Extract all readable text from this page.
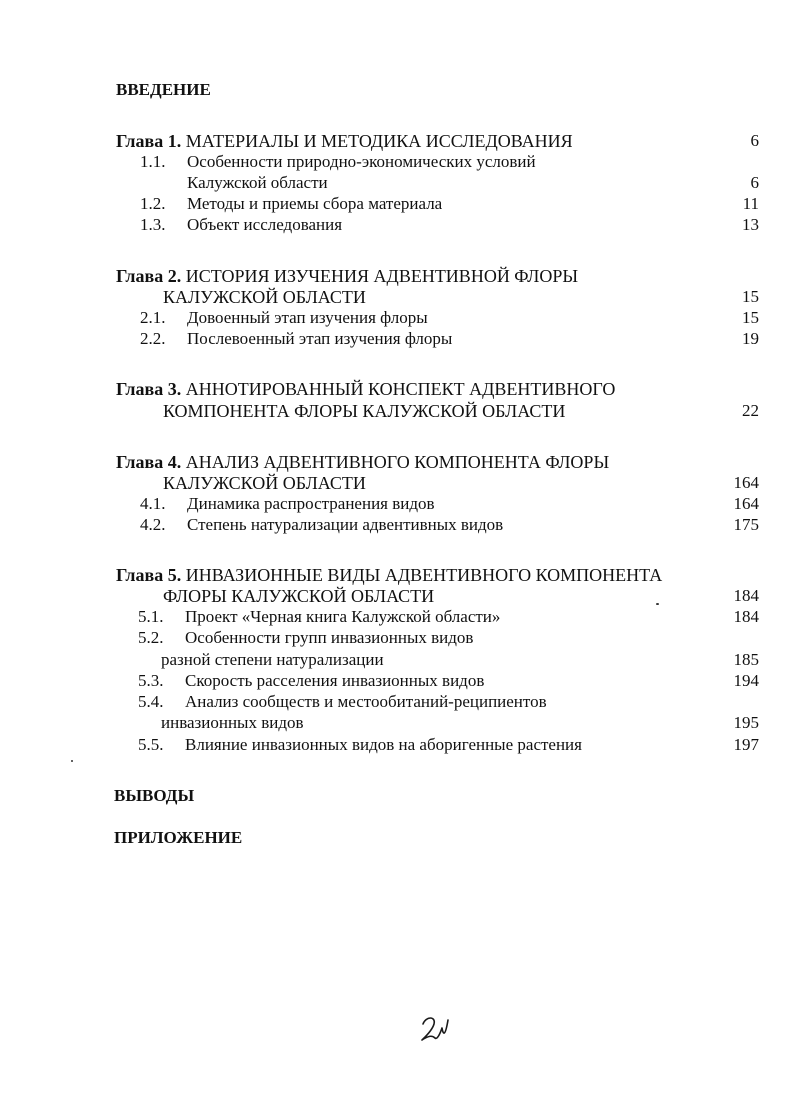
ВВЕДЕНИЕ
Глава 1. МАТЕРИАЛЫ И МЕТОДИКА ИССЛЕДОВАНИЯ	6
1.1. Особенности природно-экономических условий
Калужской области	6
1.2. Методы и приемы сбора материала	11
1.3. Объект исследования	13
Глава 2. ИСТОРИЯ ИЗУЧЕНИЯ АДВЕНТИВНОЙ ФЛОРЫ
КАЛУЖСКОЙ ОБЛАСТИ	15
2.1. Довоенный этап изучения флоры	15
2.2. Послевоенный этап изучения флоры	19
Глава 3. АННОТИРОВАННЫЙ КОНСПЕКТ АДВЕНТИВНОГО
КОМПОНЕНТА ФЛОРЫ КАЛУЖСКОЙ ОБЛАСТИ	22
Глава 4. АНАЛИЗ АДВЕНТИВНОГО КОМПОНЕНТА ФЛОРЫ
КАЛУЖСКОЙ ОБЛАСТИ	164
4.1. Динамика распространения видов	164
4.2. Степень натурализации адвентивных видов	175
Глава 5. ИНВАЗИОННЫЕ ВИДЫ АДВЕНТИВНОГО КОМПОНЕНТА
ФЛОРЫ КАЛУЖСКОЙ ОБЛАСТИ	184
5.1. Проект «Черная книга Калужской области»	184
5.2. Особенности групп инвазионных видов
разной степени натурализации	185
5.3. Скорость расселения инвазионных видов	194
5.4. Анализ сообществ и местообитаний-реципиентов
инвазионных видов	195
5.5. Влияние инвазионных видов на аборигенные растения	197
ВЫВОДЫ
ПРИЛОЖЕНИЕ
